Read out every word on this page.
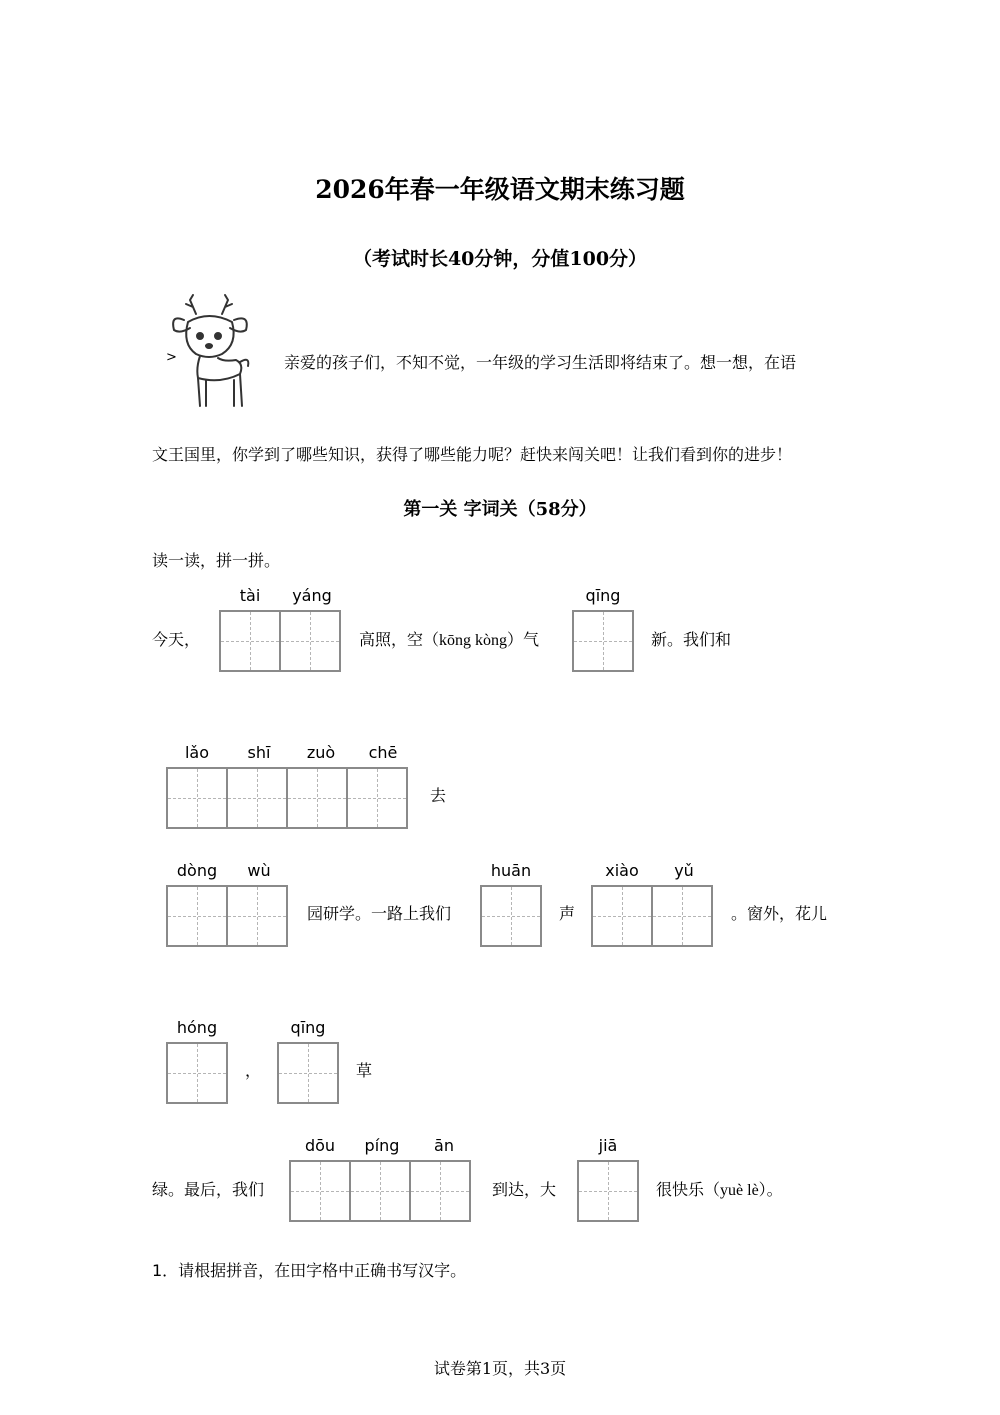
2026年春一年级语文期末练习题
（考试时长40分钟，分值100分）
>	亲爱的孩子们，不知不觉，一年级的学习生活即将结束了。想一想，在语
文王国里，你学到了哪些知识，获得了哪些能力呢？赶快来闯关吧！让我们看到你的进步！
第一关 字词关（58分）
读一读，拼一拼。
今天，
tài	yáng
高照，空（kōng kòng）气
qīng
新。我们和
lǎo	shī	zuò	chē
去
dòng	wù
园研学。一路上我们
huān
声
xiào	yǔ
。窗外，花儿
hóng
，
qīng
草
绿。最后，我们
dōu	píng	ān
到达，大
jiā
很快乐（yuè lè）。
1．请根据拼音，在田字格中正确书写汉字。
试卷第1页，共3页
